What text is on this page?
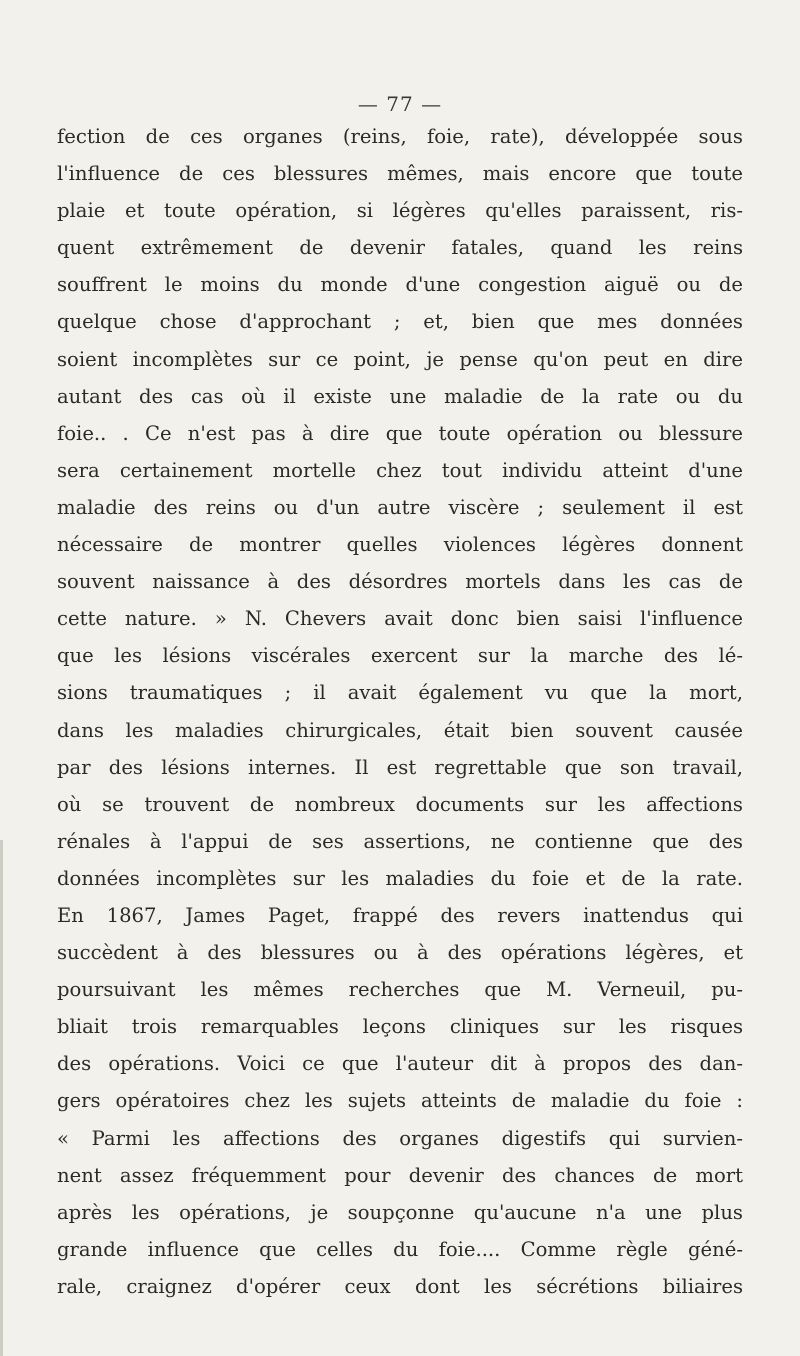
— 77 —
fection de ces organes (reins, foie, rate), développée sous
l'influence de ces blessures mêmes, mais encore que toute
plaie et toute opération, si légères qu'elles paraissent, ris-
quent extrêmement de devenir fatales, quand les reins
souffrent le moins du monde d'une congestion aiguë ou de
quelque chose d'approchant ; et, bien que mes données
soient incomplètes sur ce point, je pense qu'on peut en dire
autant des cas où il existe une maladie de la rate ou du
foie.. . Ce n'est pas à dire que toute opération ou blessure
sera certainement mortelle chez tout individu atteint d'une
maladie des reins ou d'un autre viscère ; seulement il est
nécessaire de montrer quelles violences légères donnent
souvent naissance à des désordres mortels dans les cas de
cette nature. » N. Chevers avait donc bien saisi l'influence
que les lésions viscérales exercent sur la marche des lé-
sions traumatiques ; il avait également vu que la mort,
dans les maladies chirurgicales, était bien souvent causée
par des lésions internes. Il est regrettable que son travail,
où se trouvent de nombreux documents sur les affections
rénales à l'appui de ses assertions, ne contienne que des
données incomplètes sur les maladies du foie et de la rate.
En 1867, James Paget, frappé des revers inattendus qui
succèdent à des blessures ou à des opérations légères, et
poursuivant les mêmes recherches que M. Verneuil, pu-
bliait trois remarquables leçons cliniques sur les risques
des opérations. Voici ce que l'auteur dit à propos des dan-
gers opératoires chez les sujets atteints de maladie du foie :
« Parmi les affections des organes digestifs qui survien-
nent assez fréquemment pour devenir des chances de mort
après les opérations, je soupçonne qu'aucune n'a une plus
grande influence que celles du foie.... Comme règle géné-
rale, craignez d'opérer ceux dont les sécrétions biliaires
